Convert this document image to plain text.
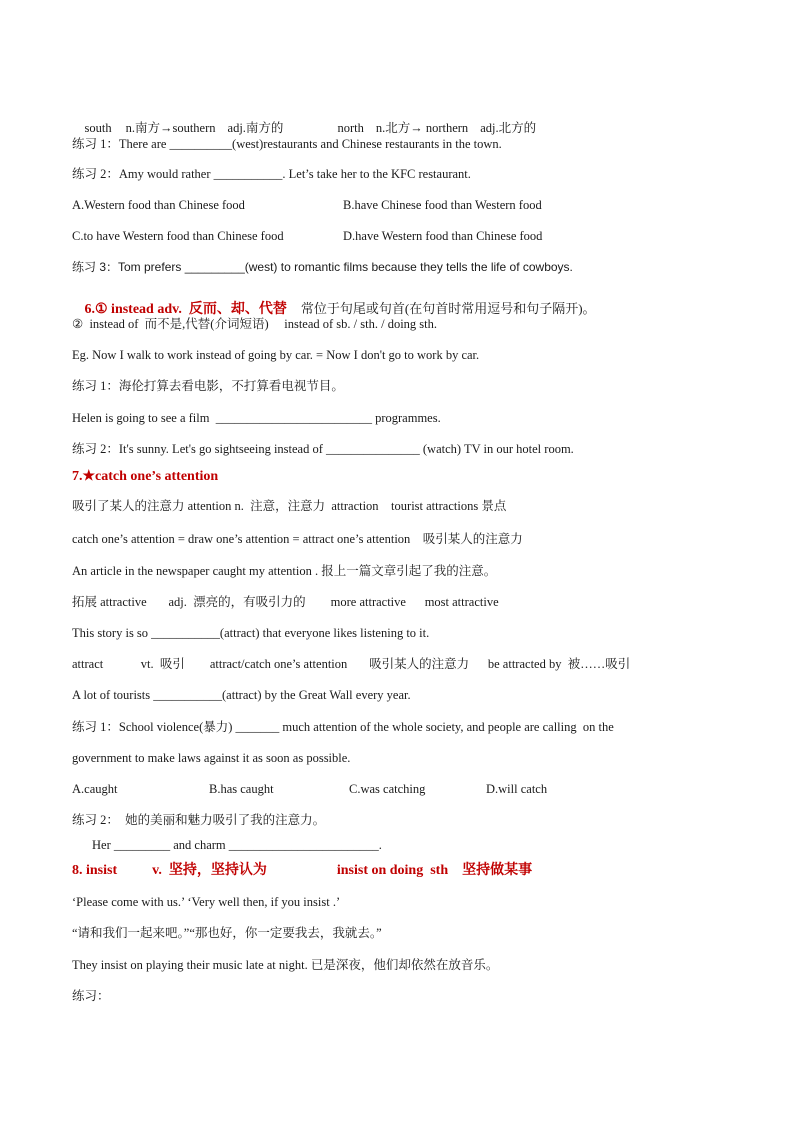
south n.南方→southern adj.南方的	north n.北方→ northern adj.北方的

练习 1：There are __________(west)restaurants and Chinese restaurants in the town.
练习 2：Amy would rather ___________. Let’s take her to the KFC restaurant.
A.Western food than Chinese food	B.have Chinese food than Western food
C.to have Western food than Chinese food	D.have Western food than Chinese food
练习 3：Tom prefers _________(west) to romantic films because they tells the life of cowboys.

6.① instead adv.  反而、却、代替 常位于句尾或句首(在句首时常用逗号和句子隔开)。

②  instead of  而不是,代替(介词短语)     instead of sb. / sth. / doing sth.
Eg. Now I walk to work instead of going by car. = Now I don't go to work by car.
练习 1：海伦打算去看电影，不打算看电视节目。
Helen is going to see a film  _________________________ programmes.
练习 2：It's sunny. Let's go sightseeing instead of _______________ (watch) TV in our hotel room.
7.★catch one’s attention
吸引了某人的注意力 attention n.  注意，注意力  attraction    tourist attractions 景点
catch one’s attention = draw one’s attention = attract one’s attention    吸引某人的注意力
An article in the newspaper caught my attention . 报上一篇文章引起了我的注意。
拓展 attractive       adj.  漂亮的，有吸引力的        more attractive      most attractive
This story is so ___________(attract) that everyone likes listening to it.
attract            vt.  吸引        attract/catch one’s attention       吸引某人的注意力      be attracted by  被……吸引
A lot of tourists ___________(attract) by the Great Wall every year.
练习 1：School violence(暴力) _______ much attention of the whole society, and people are calling  on the
government to make laws against it as soon as possible.
A.caught	B.has caught	C.was catching	D.will catch
练习 2：  她的美丽和魅力吸引了我的注意力。
Her _________ and charm ________________________.
8. insist          v.  坚持，坚持认为                    insist on doing  sth    坚持做某事
‘Please come with us.’ ‘Very well then, if you insist .’
“请和我们一起来吧。”“那也好，你一定要我去，我就去。”
They insist on playing their music late at night. 已是深夜，他们却依然在放音乐。
练习：
